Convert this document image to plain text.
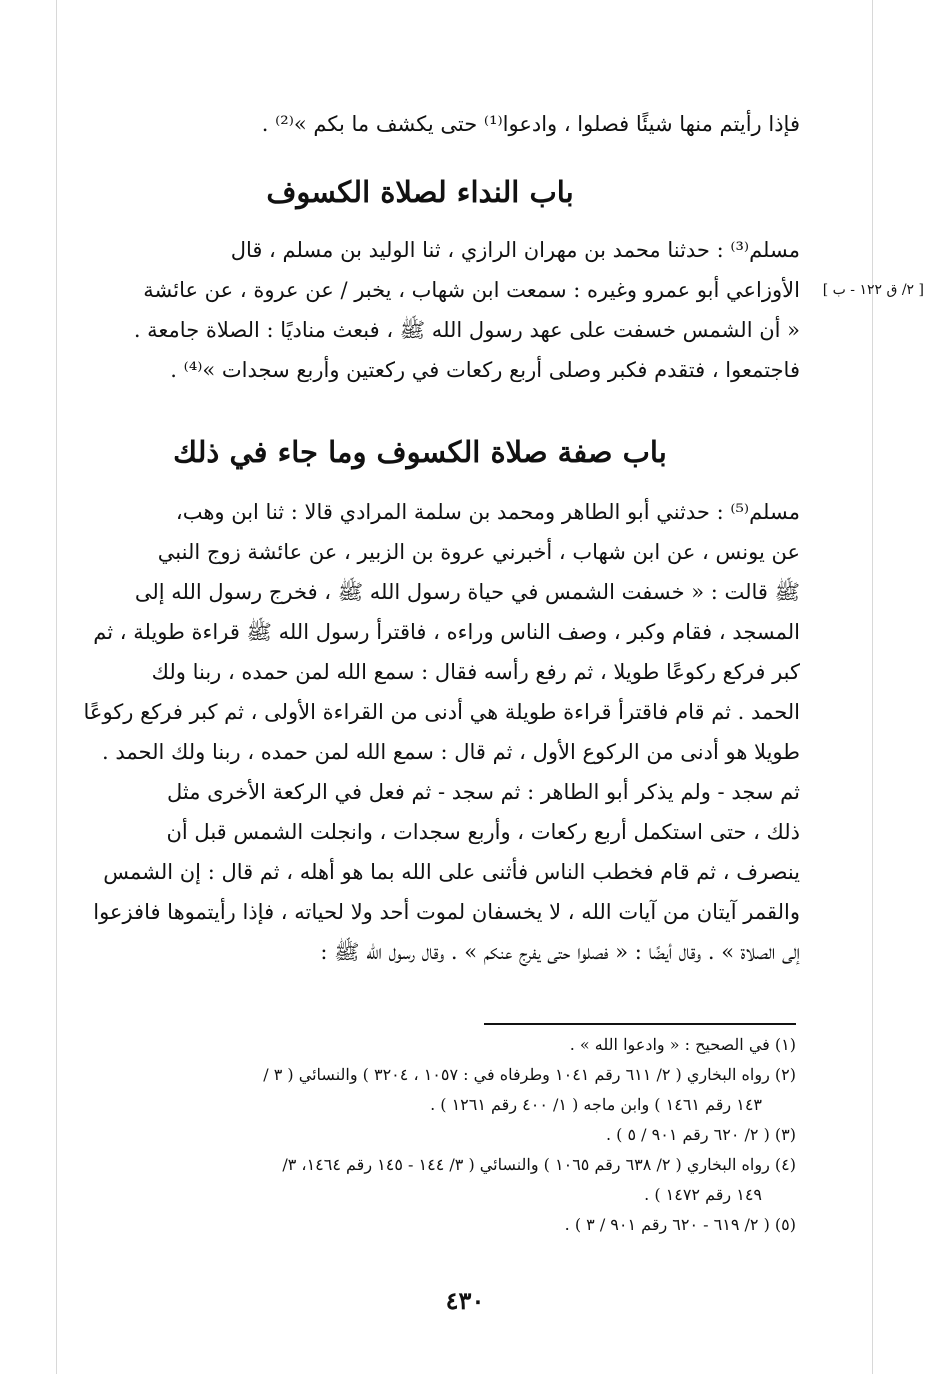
فإذا رأيتم منها شيئًا فصلوا ، وادعوا⁽¹⁾ حتى يكشف ما بكم »⁽²⁾ .
باب النداء لصلاة الكسوف
مسلم⁽³⁾ : حدثنا محمد بن مهران الرازي ، ثنا الوليد بن مسلم ، قال
الأوزاعي أبو عمرو وغيره : سمعت ابن شهاب ، يخبر / عن عروة ، عن عائشة
« أن الشمس خسفت على عهد رسول الله ﷺ ، فبعث مناديًا : الصلاة جامعة .
فاجتمعوا ، فتقدم فكبر وصلى أربع ركعات في ركعتين وأربع سجدات »⁽⁴⁾ .
[ ٢/ ق ١٢٢ - ب ]
باب صفة صلاة الكسوف وما جاء في ذلك
مسلم⁽⁵⁾ : حدثني أبو الطاهر ومحمد بن سلمة المرادي قالا : ثنا ابن وهب،
عن يونس ، عن ابن شهاب ، أخبرني عروة بن الزبير ، عن عائشة زوج النبي
ﷺ قالت : « خسفت الشمس في حياة رسول الله ﷺ ، فخرج رسول الله إلى
المسجد ، فقام وكبر ، وصف الناس وراءه ، فاقترأ رسول الله ﷺ قراءة طويلة ، ثم
كبر فركع ركوعًا طويلا ، ثم رفع رأسه فقال : سمع الله لمن حمده ، ربنا ولك
الحمد . ثم قام فاقترأ قراءة طويلة هي أدنى من القراءة الأولى ، ثم كبر فركع ركوعًا
طويلا هو أدنى من الركوع الأول ، ثم قال : سمع الله لمن حمده ، ربنا ولك الحمد .
ثم سجد - ولم يذكر أبو الطاهر : ثم سجد - ثم فعل في الركعة الأخرى مثل
ذلك ، حتى استكمل أربع ركعات ، وأربع سجدات ، وانجلت الشمس قبل أن
ينصرف ، ثم قام فخطب الناس فأثنى على الله بما هو أهله ، ثم قال : إن الشمس
والقمر آيتان من آيات الله ، لا يخسفان لموت أحد ولا لحياته ، فإذا رأيتموها فافزعوا
إلى الصلاة » . وقال أيضًا : « فصلوا حتى يفرج عنكم » . وقال رسول الله ﷺ :
(١) في الصحيح : « وادعوا الله » .
(٢) رواه البخاري ( ٢/ ٦١١ رقم ١٠٤١ وطرفاه في : ١٠٥٧ ، ٣٢٠٤ ) والنسائي ( ٣ /
١٤٣ رقم ١٤٦١ ) وابن ماجه ( ١/ ٤٠٠ رقم ١٢٦١ ) .
(٣) ( ٢/ ٦٢٠ رقم ٩٠١ / ٥ ) .
(٤) رواه البخاري ( ٢/ ٦٣٨ رقم ١٠٦٥ ) والنسائي ( ٣/ ١٤٤ - ١٤٥ رقم ١٤٦٤، ٣/
١٤٩ رقم ١٤٧٢ ) .
(٥) ( ٢/ ٦١٩ - ٦٢٠ رقم ٩٠١ / ٣ ) .
٤٣٠
